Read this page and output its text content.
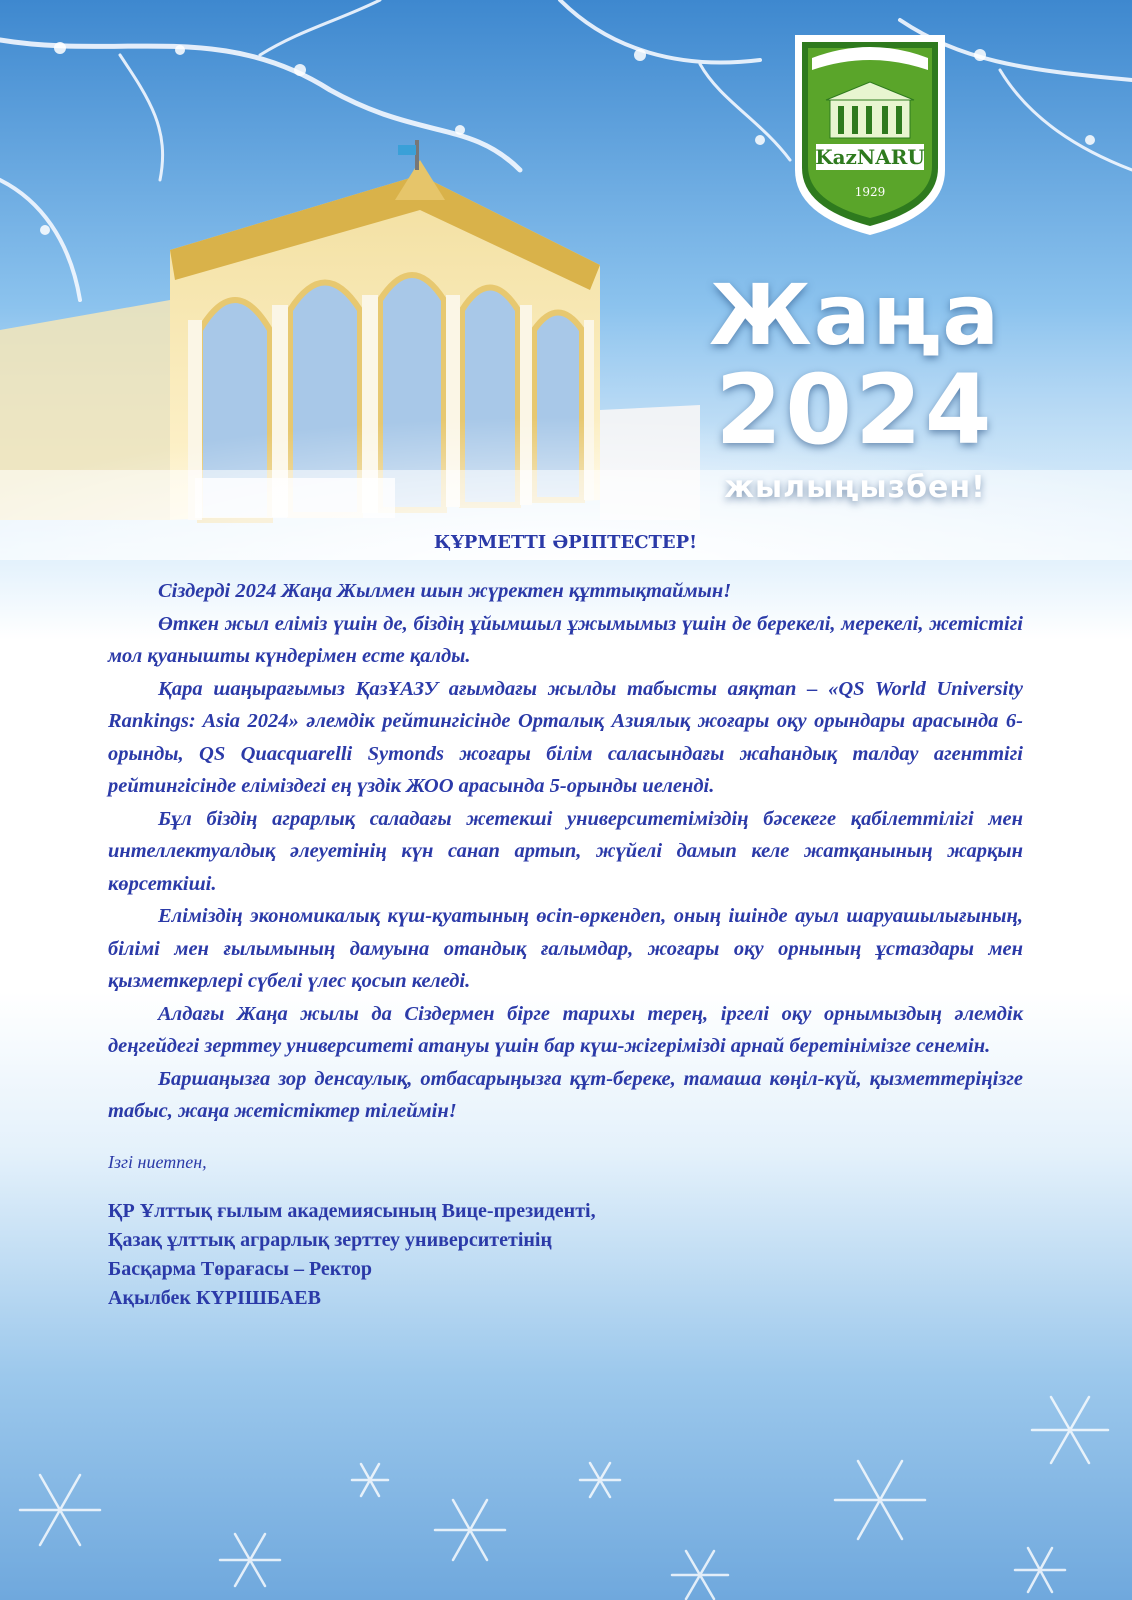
KazNARU
1929
Жаңа
2024
жылыңызбен!

ҚҰРМЕТТІ ӘРІПТЕСТЕР!

Сіздерді 2024 Жаңа Жылмен шын жүректен құттықтаймын!

Өткен жыл еліміз үшін де, біздің ұйымшыл ұжымымыз үшін де берекелі, мерекелі, жетістігі мол қуанышты күндерімен есте қалды.

Қара шаңырағымыз ҚазҰАЗУ ағымдағы жылды табысты аяқтап – «QS World University Rankings: Asia 2024» әлемдік рейтингісінде Орталық Азиялық жоғары оқу орындары арасында 6-орынды, QS Quacquarelli Symonds жоғары білім саласындағы жаһандық талдау агенттігі рейтингісінде еліміздегі ең үздік ЖОО арасында 5-орынды иеленді.

Бұл біздің аграрлық саладағы жетекші университетіміздің бәсекеге қабілеттілігі мен интеллектуалдық әлеуетінің күн санап артып, жүйелі дамып келе жатқанының жарқын көрсеткіші.

Еліміздің экономикалық күш-қуатының өсіп-өркендеп, оның ішінде ауыл шаруашылығының, білімі мен ғылымының дамуына отандық ғалымдар, жоғары оқу орнының ұстаздары мен қызметкерлері сүбелі үлес қосып келеді.

Алдағы Жаңа жылы да Сіздермен бірге тарихы терең, іргелі оқу орнымыздың әлемдік деңгейдегі зерттеу университеті атануы үшін бар күш-жігерімізді арнай беретінімізге сенемін.

Баршаңызға зор денсаулық, отбасарыңызға құт-береке, тамаша көңіл-күй, қызметтеріңізге табыс, жаңа жетістіктер тілеймін!

Ізгі ниетпен,

ҚР Ұлттық ғылым академиясының Вице-президенті,
Қазақ ұлттық аграрлық зерттеу университетінің
Басқарма Төрағасы – Ректор
Ақылбек КҮРІШБАЕВ
